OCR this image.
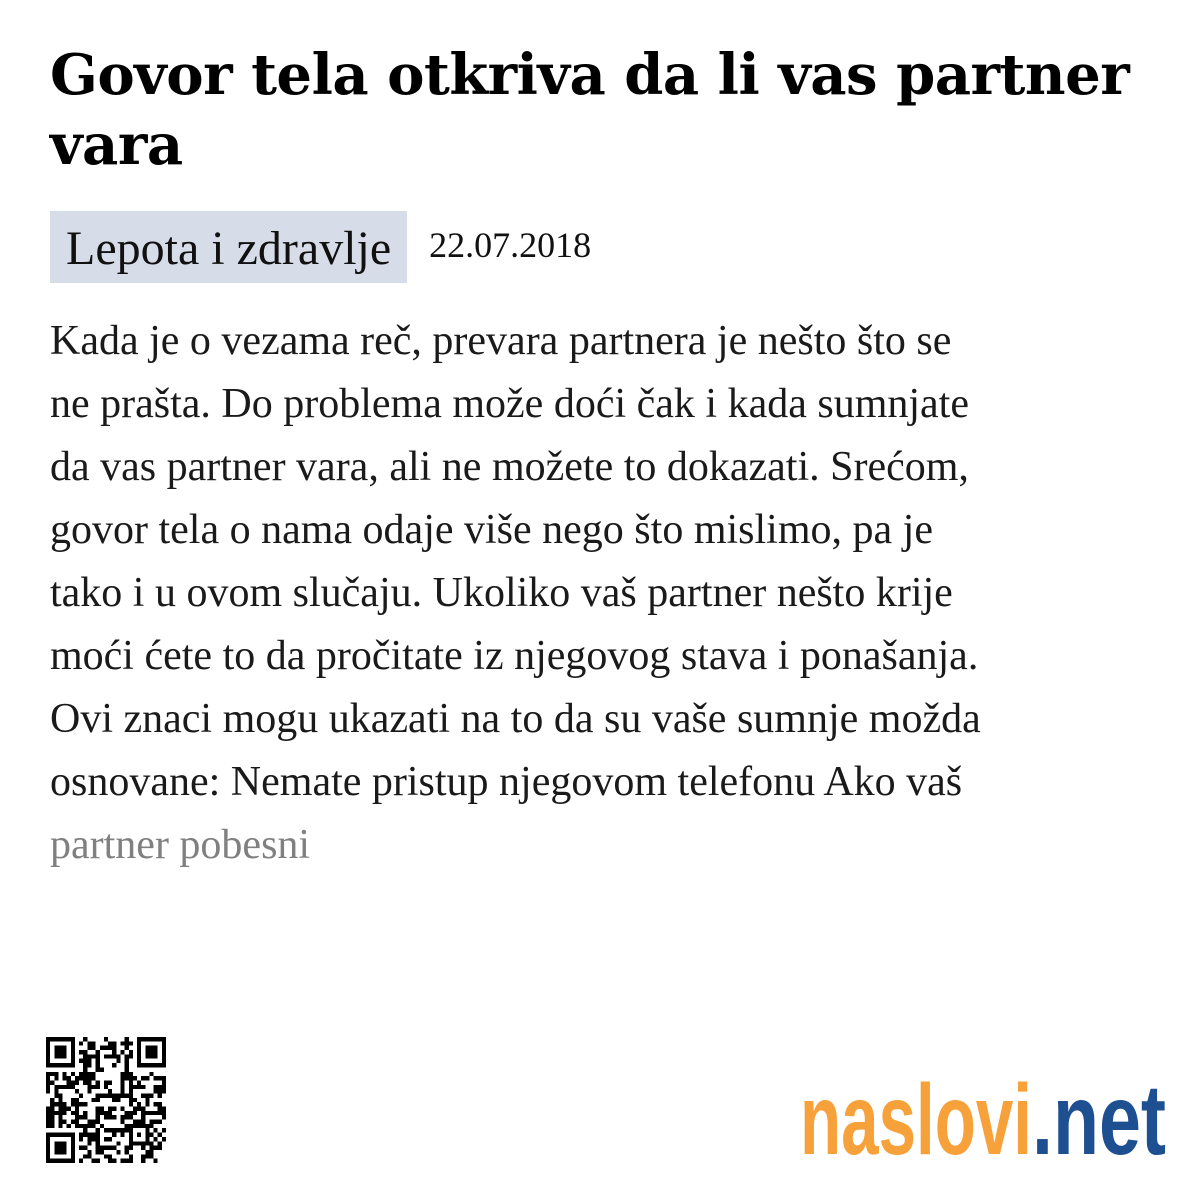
Govor tela otkriva da li vas partner vara
Lepota i zdravlje	22.07.2018

Kada je o vezama reč, prevara partnera je nešto što se
ne prašta. Do problema može doći čak i kada sumnjate
da vas partner vara, ali ne možete to dokazati. Srećom,
govor tela o nama odaje više nego što mislimo, pa je
tako i u ovom slučaju. Ukoliko vaš partner nešto krije
moći ćete to da pročitate iz njegovog stava i ponašanja.
Ovi znaci mogu ukazati na to da su vaše sumnje možda
osnovane: Nemate pristup njegovom telefonu Ako vaš
partner pobesni

naslovi .net
